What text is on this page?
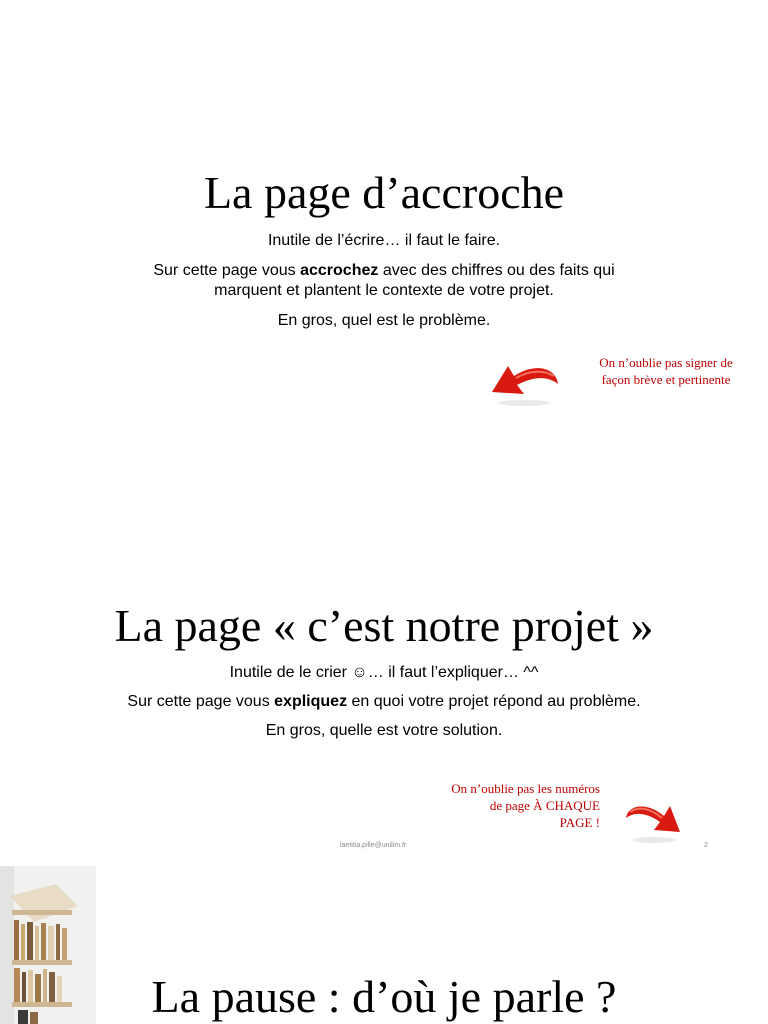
La page d’accroche

Inutile de l’écrire… il faut le faire.

Sur cette page vous accrochez avec des chiffres ou des faits qui

marquent et plantent le contexte de votre projet.

En gros, quel est le problème.

On n’oublie pas signer de
façon brève et pertinente

La page « c’est notre projet »

Inutile de le crier ☺… il faut l’expliquer… ^^

Sur cette page vous expliquez en quoi votre projet répond au problème.

En gros, quelle est votre solution.

On n’oublie pas les numéros
de page À CHAQUE
PAGE !

laetitia.pille@unilim.fr	2
La pause : d’où je parle ?
